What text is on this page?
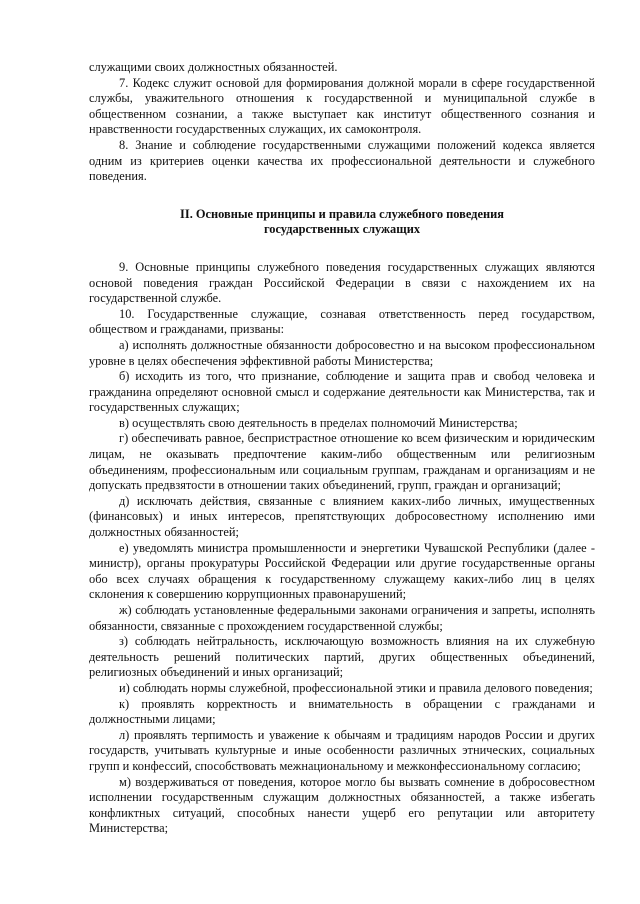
служащими своих должностных обязанностей.

7. Кодекс служит основой для формирования должной морали в сфере государственной службы, уважительного отношения к государственной и муниципальной службе в общественном сознании, а также выступает как институт общественного сознания и нравственности государственных служащих, их самоконтроля.

8. Знание и соблюдение государственными служащими положений кодекса является одним из критериев оценки качества их профессиональной деятельности и служебного поведения.

II. Основные принципы и правила служебного поведения
государственных служащих

9. Основные принципы служебного поведения государственных служащих являются основой поведения граждан Российской Федерации в связи с нахождением их на государственной службе.

10. Государственные служащие, сознавая ответственность перед государством, обществом и гражданами, призваны:

а) исполнять должностные обязанности добросовестно и на высоком профессиональном уровне в целях обеспечения эффективной работы Министерства;

б) исходить из того, что признание, соблюдение и защита прав и свобод человека и гражданина определяют основной смысл и содержание деятельности как Министерства, так и государственных служащих;

в) осуществлять свою деятельность в пределах полномочий Министерства;

г) обеспечивать равное, беспристрастное отношение ко всем физическим и юридическим лицам, не оказывать предпочтение каким-либо общественным или религиозным объединениям, профессиональным или социальным группам, гражданам и организациям и не допускать предвзятости в отношении таких объединений, групп, граждан и организаций;

д) исключать действия, связанные с влиянием каких-либо личных, имущественных (финансовых) и иных интересов, препятствующих добросовестному исполнению ими должностных обязанностей;

е) уведомлять министра промышленности и энергетики Чувашской Республики (далее - министр), органы прокуратуры Российской Федерации или другие государственные органы обо всех случаях обращения к государственному служащему каких-либо лиц в целях склонения к совершению коррупционных правонарушений;

ж) соблюдать установленные федеральными законами ограничения и запреты, исполнять обязанности, связанные с прохождением государственной службы;

з) соблюдать нейтральность, исключающую возможность влияния на их служебную деятельность решений политических партий, других общественных объединений, религиозных объединений и иных организаций;

и) соблюдать нормы служебной, профессиональной этики и правила делового поведения;

к) проявлять корректность и внимательность в обращении с гражданами и должностными лицами;

л) проявлять терпимость и уважение к обычаям и традициям народов России и других государств, учитывать культурные и иные особенности различных этнических, социальных групп и конфессий, способствовать межнациональному и межконфессиональному согласию;

м) воздерживаться от поведения, которое могло бы вызвать сомнение в добросовестном исполнении государственным служащим должностных обязанностей, а также избегать конфликтных ситуаций, способных нанести ущерб его репутации или авторитету Министерства;
